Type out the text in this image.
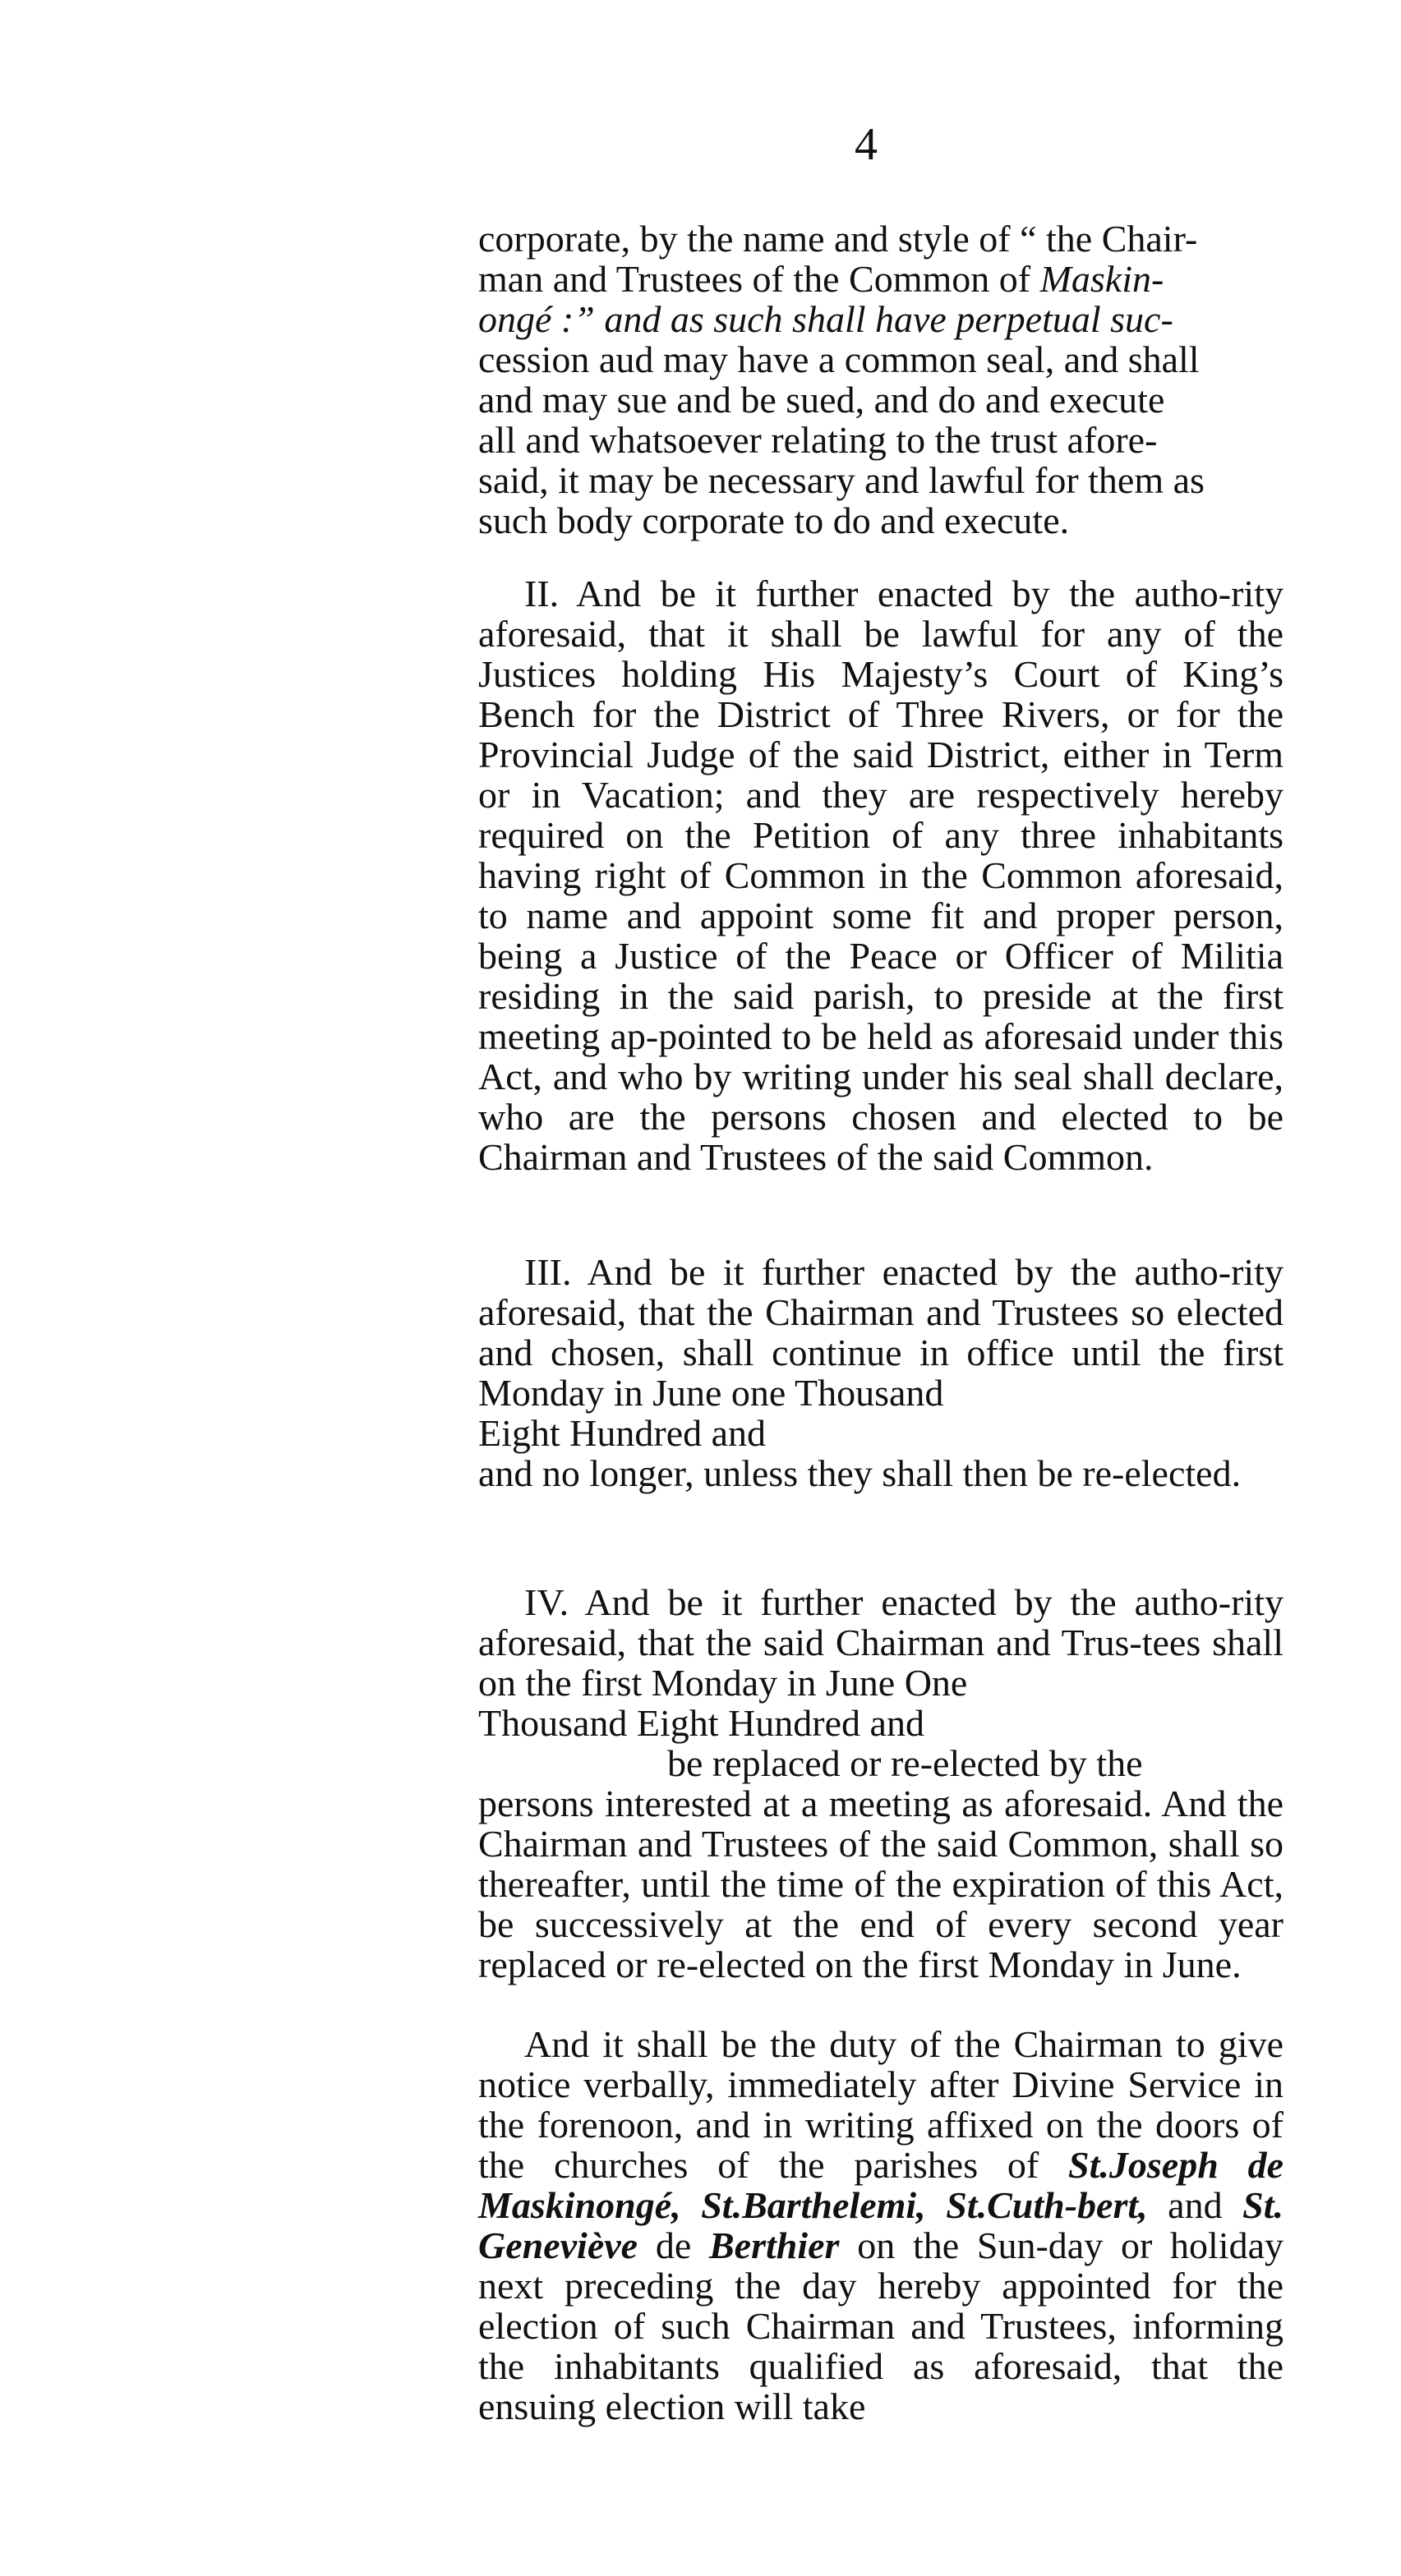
4
corporate, by the name and style of “ the Chair-
man and Trustees of the Common of Maskin-
ongé :” and as such shall have perpetual suc-
cession aud may have a common seal, and shall
and may sue and be sued, and do and execute
all and whatsoever relating to the trust afore-
said, it may be necessary and lawful for them as
such body corporate to do and execute.

II. And be it further enacted by the autho-rity aforesaid, that it shall be lawful for any of the Justices holding His Majesty’s Court of King’s Bench for the District of Three Rivers, or for the Provincial Judge of the said District, either in Term or in Vacation; and they are respectively hereby required on the Petition of any three inhabitants having right of Common in the Common aforesaid, to name and appoint some fit and proper person, being a Justice of the Peace or Officer of Militia residing in the said parish, to preside at the first meeting ap-pointed to be held as aforesaid under this Act, and who by writing under his seal shall declare, who are the persons chosen and elected to be Chairman and Trustees of the said Common.

III. And be it further enacted by the autho-rity aforesaid, that the Chairman and Trustees so elected and chosen, shall continue in office until the first Monday in June one Thousand

Eight Hundred and

and no longer, unless they shall then be re-elected.

IV. And be it further enacted by the autho-rity aforesaid, that the said Chairman and Trus-tees shall on the first Monday in June One

Thousand Eight Hundred and
be replaced or re-elected by the

persons interested at a meeting as aforesaid. And the Chairman and Trustees of the said Common, shall so thereafter, until the time of the expiration of this Act, be successively at the end of every second year replaced or re-elected on the first Monday in June.

And it shall be the duty of the Chairman to give notice verbally, immediately after Divine Service in the forenoon, and in writing affixed on the doors of the churches of the parishes of St.Joseph de Maskinongé, St.Barthelemi, St.Cuth-bert, and St. Geneviève de Berthier on the Sun-day or holiday next preceding the day hereby appointed for the election of such Chairman and Trustees, informing the inhabitants qualified as aforesaid, that the ensuing election will take
